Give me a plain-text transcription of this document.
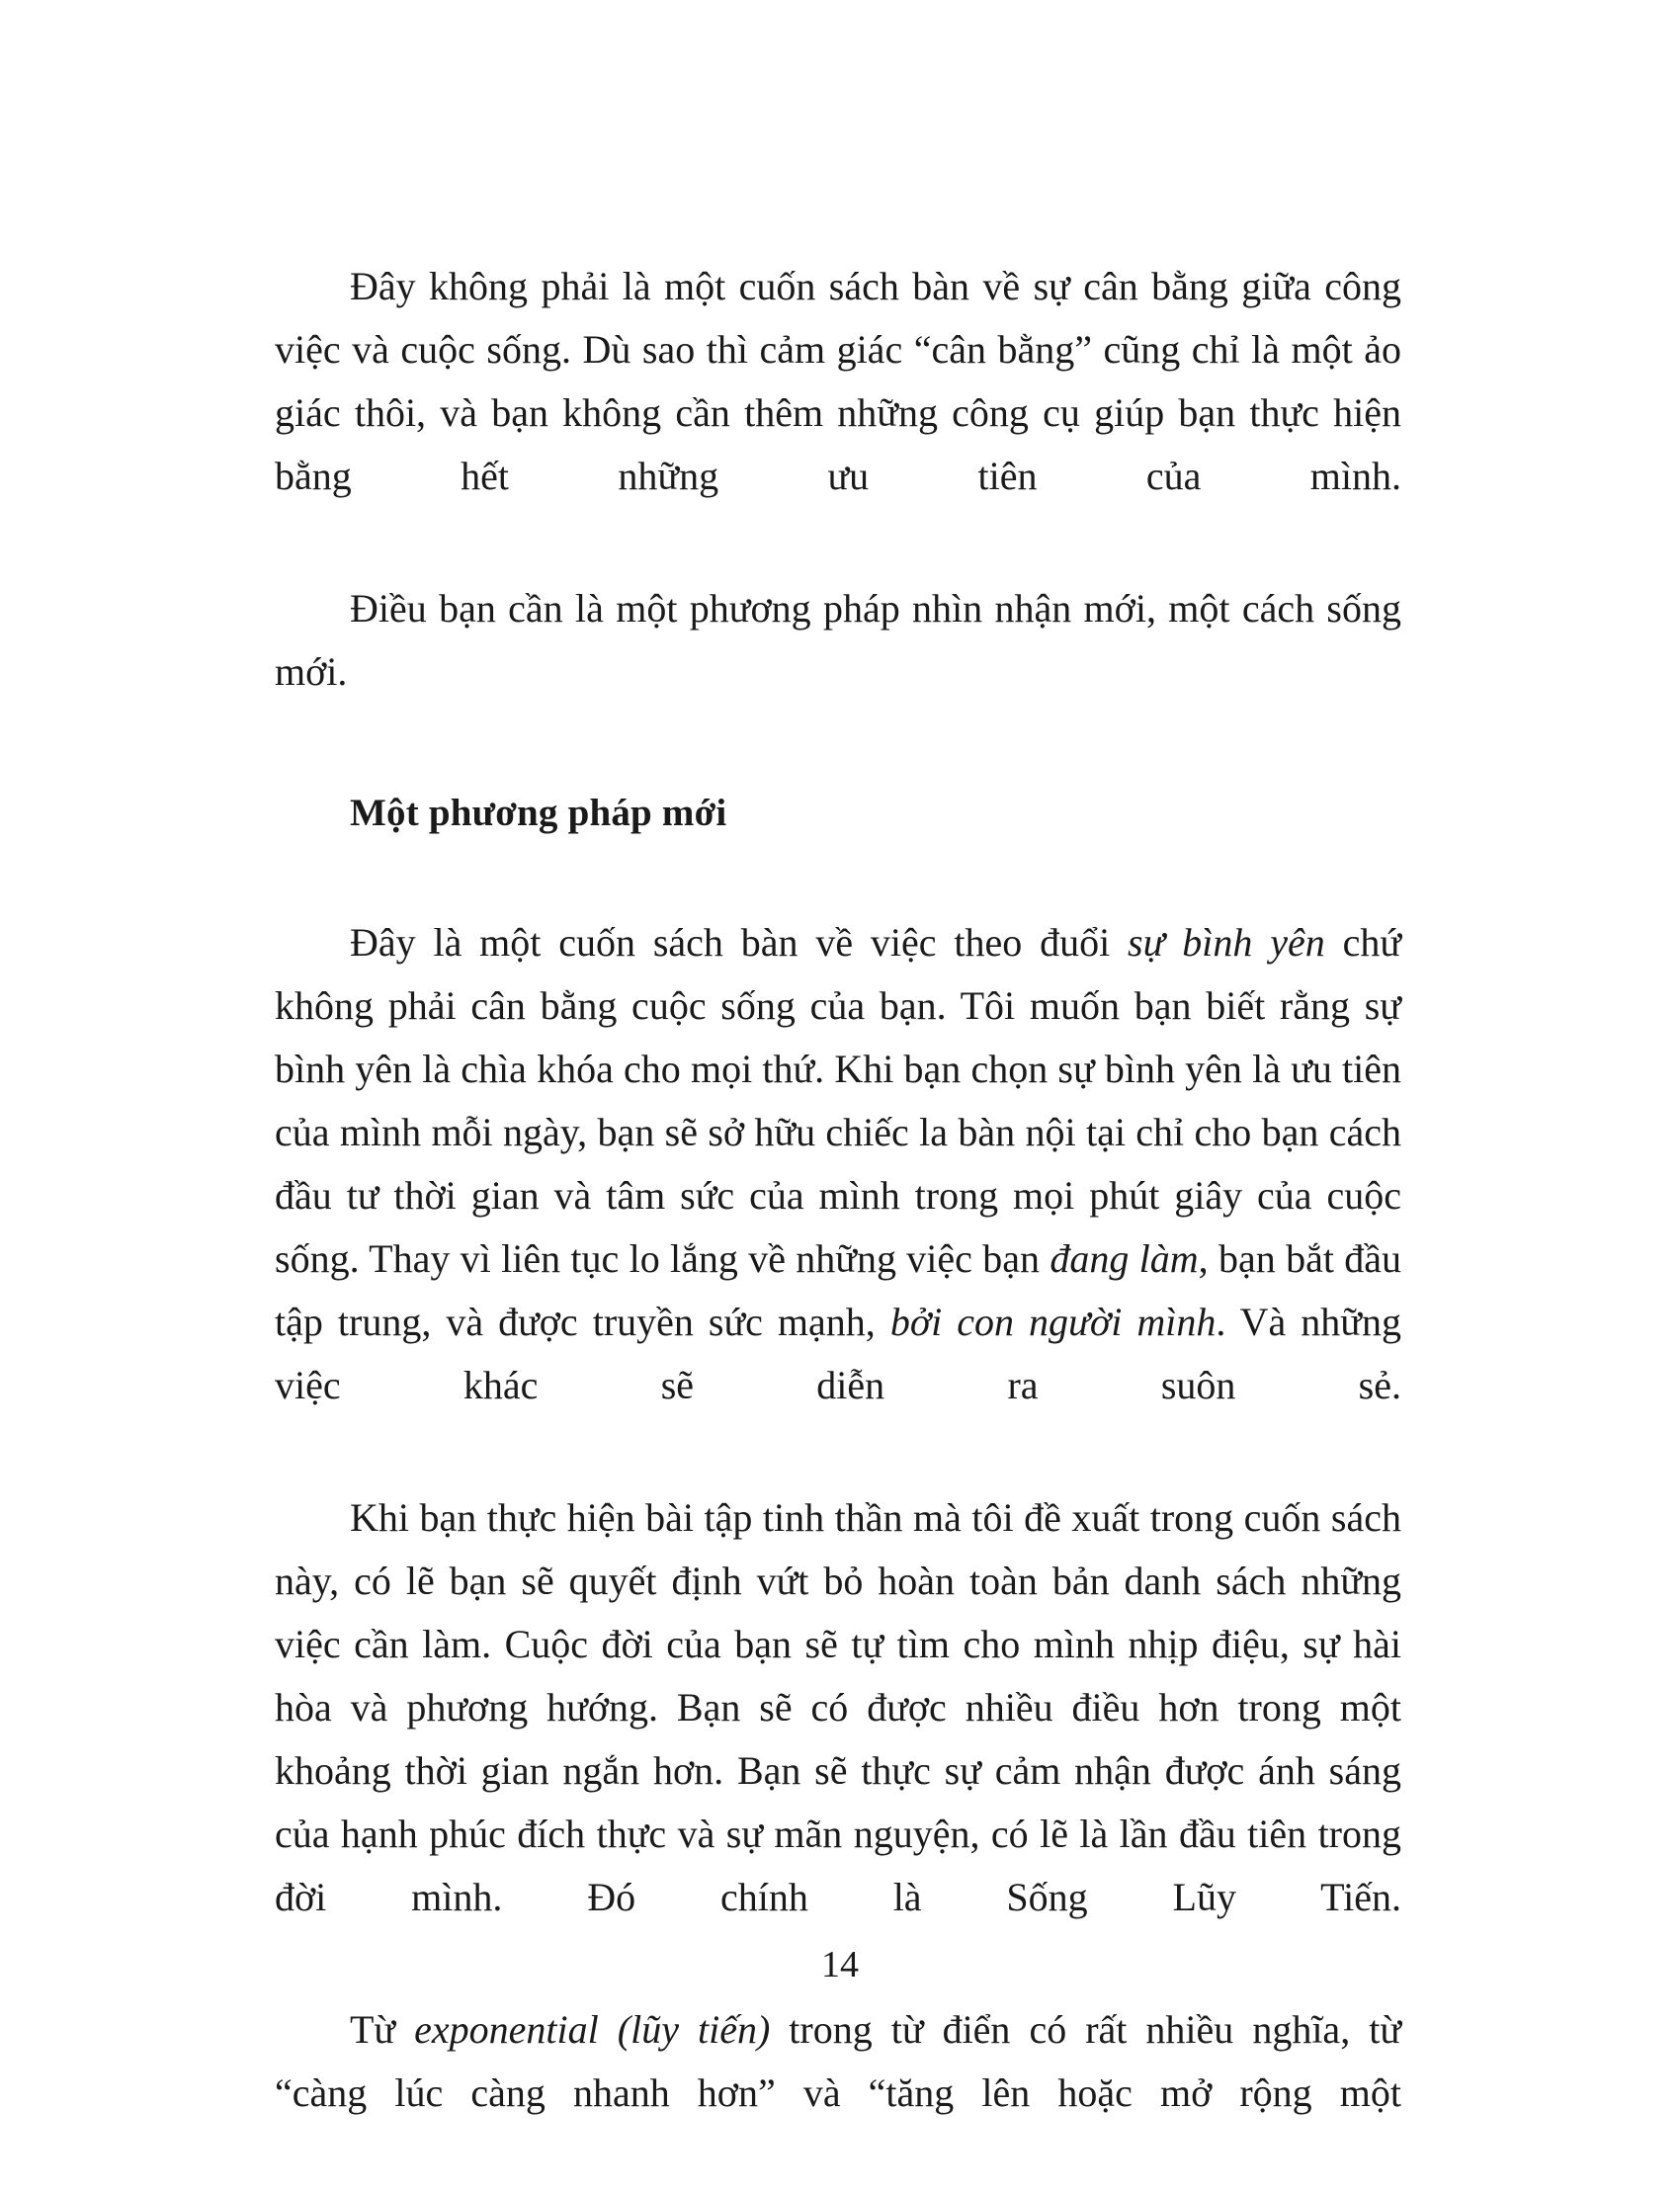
Đây không phải là một cuốn sách bàn về sự cân bằng giữa công việc và cuộc sống. Dù sao thì cảm giác “cân bằng” cũng chỉ là một ảo giác thôi, và bạn không cần thêm những công cụ giúp bạn thực hiện bằng hết những ưu tiên của mình.

Điều bạn cần là một phương pháp nhìn nhận mới, một cách sống mới.

Một phương pháp mới

Đây là một cuốn sách bàn về việc theo đuổi sự bình yên chứ không phải cân bằng cuộc sống của bạn. Tôi muốn bạn biết rằng sự bình yên là chìa khóa cho mọi thứ. Khi bạn chọn sự bình yên là ưu tiên của mình mỗi ngày, bạn sẽ sở hữu chiếc la bàn nội tại chỉ cho bạn cách đầu tư thời gian và tâm sức của mình trong mọi phút giây của cuộc sống. Thay vì liên tục lo lắng về những việc bạn đang làm, bạn bắt đầu tập trung, và được truyền sức mạnh, bởi con người mình. Và những việc khác sẽ diễn ra suôn sẻ.

Khi bạn thực hiện bài tập tinh thần mà tôi đề xuất trong cuốn sách này, có lẽ bạn sẽ quyết định vứt bỏ hoàn toàn bản danh sách những việc cần làm. Cuộc đời của bạn sẽ tự tìm cho mình nhịp điệu, sự hài hòa và phương hướng. Bạn sẽ có được nhiều điều hơn trong một khoảng thời gian ngắn hơn. Bạn sẽ thực sự cảm nhận được ánh sáng của hạnh phúc đích thực và sự mãn nguyện, có lẽ là lần đầu tiên trong đời mình. Đó chính là Sống Lũy Tiến.

Từ exponential (lũy tiến) trong từ điển có rất nhiều nghĩa, từ “càng lúc càng nhanh hơn” và “tăng lên hoặc mở rộng một

14
